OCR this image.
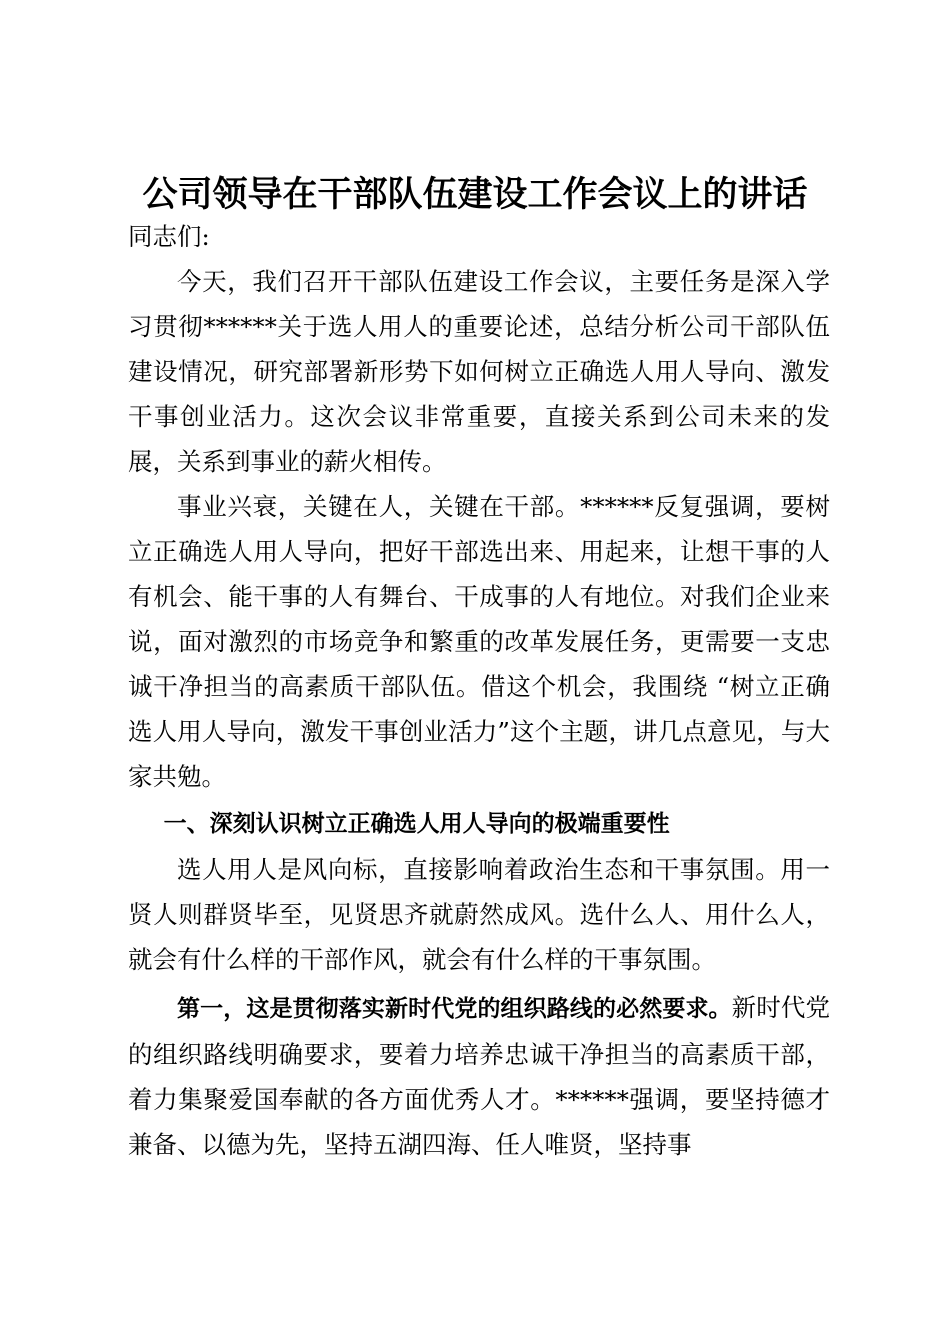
公司领导在干部队伍建设工作会议上的讲话

同志们:

今天，我们召开干部队伍建设工作会议，主要任务是深入学习贯彻******关于选人用人的重要论述，总结分析公司干部队伍建设情况，研究部署新形势下如何树立正确选人用人导向、激发干事创业活力。这次会议非常重要，直接关系到公司未来的发展，关系到事业的薪火相传。

事业兴衰，关键在人，关键在干部。******反复强调，要树立正确选人用人导向，把好干部选出来、用起来，让想干事的人有机会、能干事的人有舞台、干成事的人有地位。对我们企业来说，面对激烈的市场竞争和繁重的改革发展任务，更需要一支忠诚干净担当的高素质干部队伍。借这个机会，我围绕 “树立正确选人用人导向，激发干事创业活力”这个主题，讲几点意见，与大家共勉。

一、深刻认识树立正确选人用人导向的极端重要性

选人用人是风向标，直接影响着政治生态和干事氛围。用一贤人则群贤毕至，见贤思齐就蔚然成风。选什么人、用什么人，就会有什么样的干部作风，就会有什么样的干事氛围。

第一，这是贯彻落实新时代党的组织路线的必然要求。新时代党的组织路线明确要求，要着力培养忠诚干净担当的高素质干部，着力集聚爱国奉献的各方面优秀人才。******强调，要坚持德才兼备、以德为先，坚持五湖四海、任人唯贤，坚持事
